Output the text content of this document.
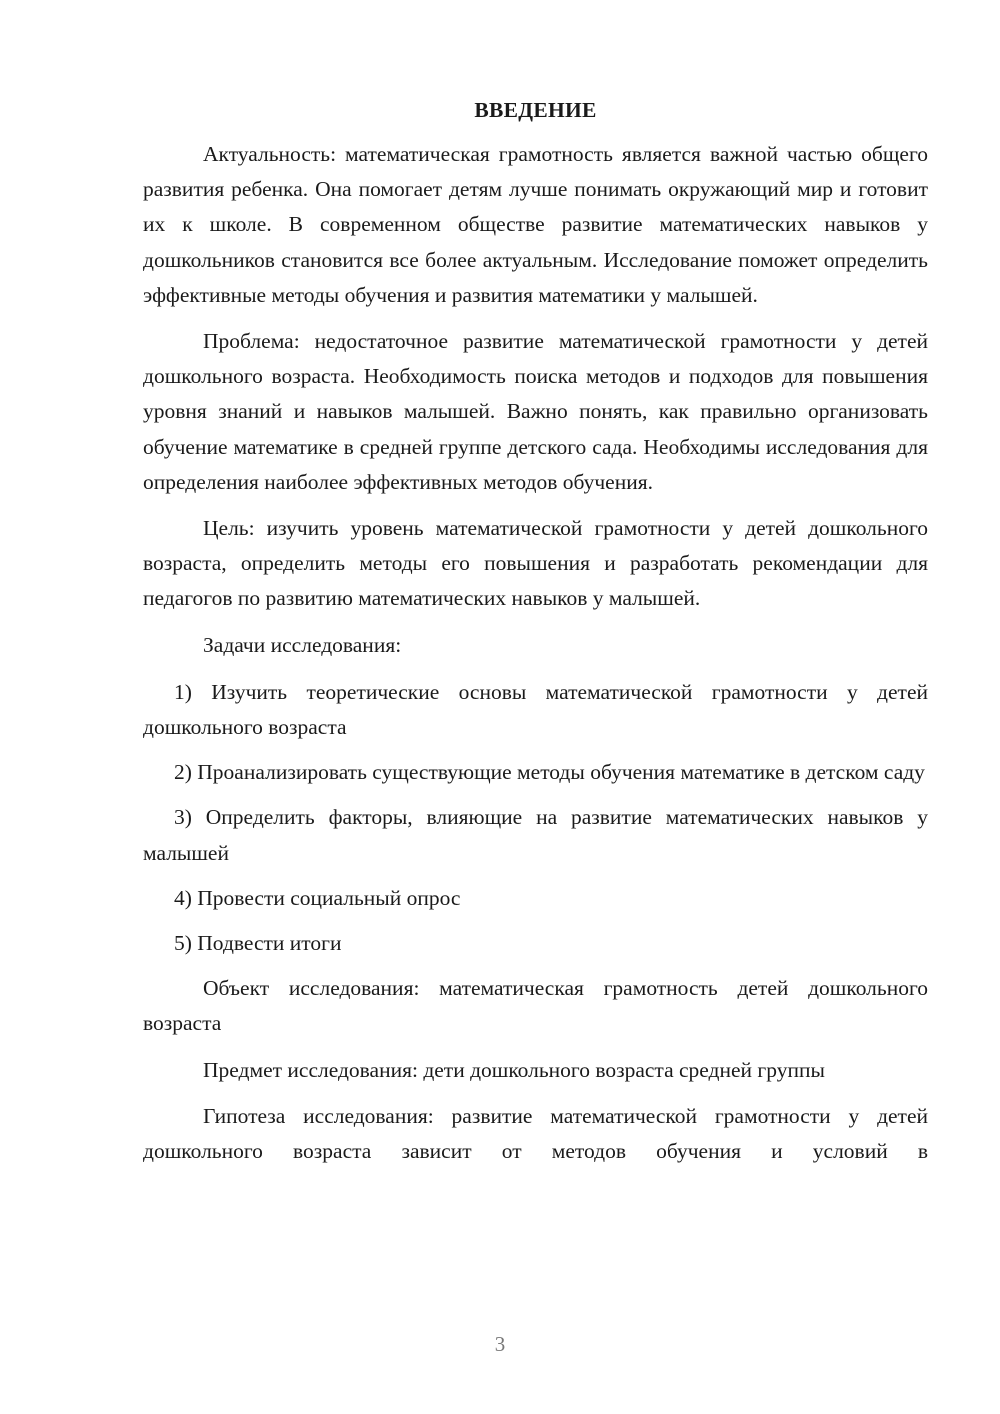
ВВЕДЕНИЕ
Актуальность: математическая грамотность является важной частью общего развития ребенка. Она помогает детям лучше понимать окружающий мир и готовит их к школе. В современном обществе развитие математических навыков у дошкольников становится все более актуальным. Исследование поможет определить эффективные методы обучения и развития математики у малышей.
Проблема: недостаточное развитие математической грамотности у детей дошкольного возраста. Необходимость поиска методов и подходов для повышения уровня знаний и навыков малышей. Важно понять, как правильно организовать обучение математике в средней группе детского сада. Необходимы исследования для определения наиболее эффективных методов обучения.
Цель: изучить уровень математической грамотности у детей дошкольного возраста, определить методы его повышения и разработать рекомендации для педагогов по развитию математических навыков у малышей.
Задачи исследования:
1) Изучить теоретические основы математической грамотности у детей дошкольного возраста
2) Проанализировать существующие методы обучения математике в детском саду
3) Определить факторы, влияющие на развитие математических навыков у малышей
4) Провести социальный опрос
5) Подвести итоги
Объект исследования: математическая грамотность детей дошкольного возраста
Предмет исследования: дети дошкольного возраста средней группы
Гипотеза исследования: развитие математической грамотности у детей дошкольного возраста зависит от методов обучения и условий в
3
